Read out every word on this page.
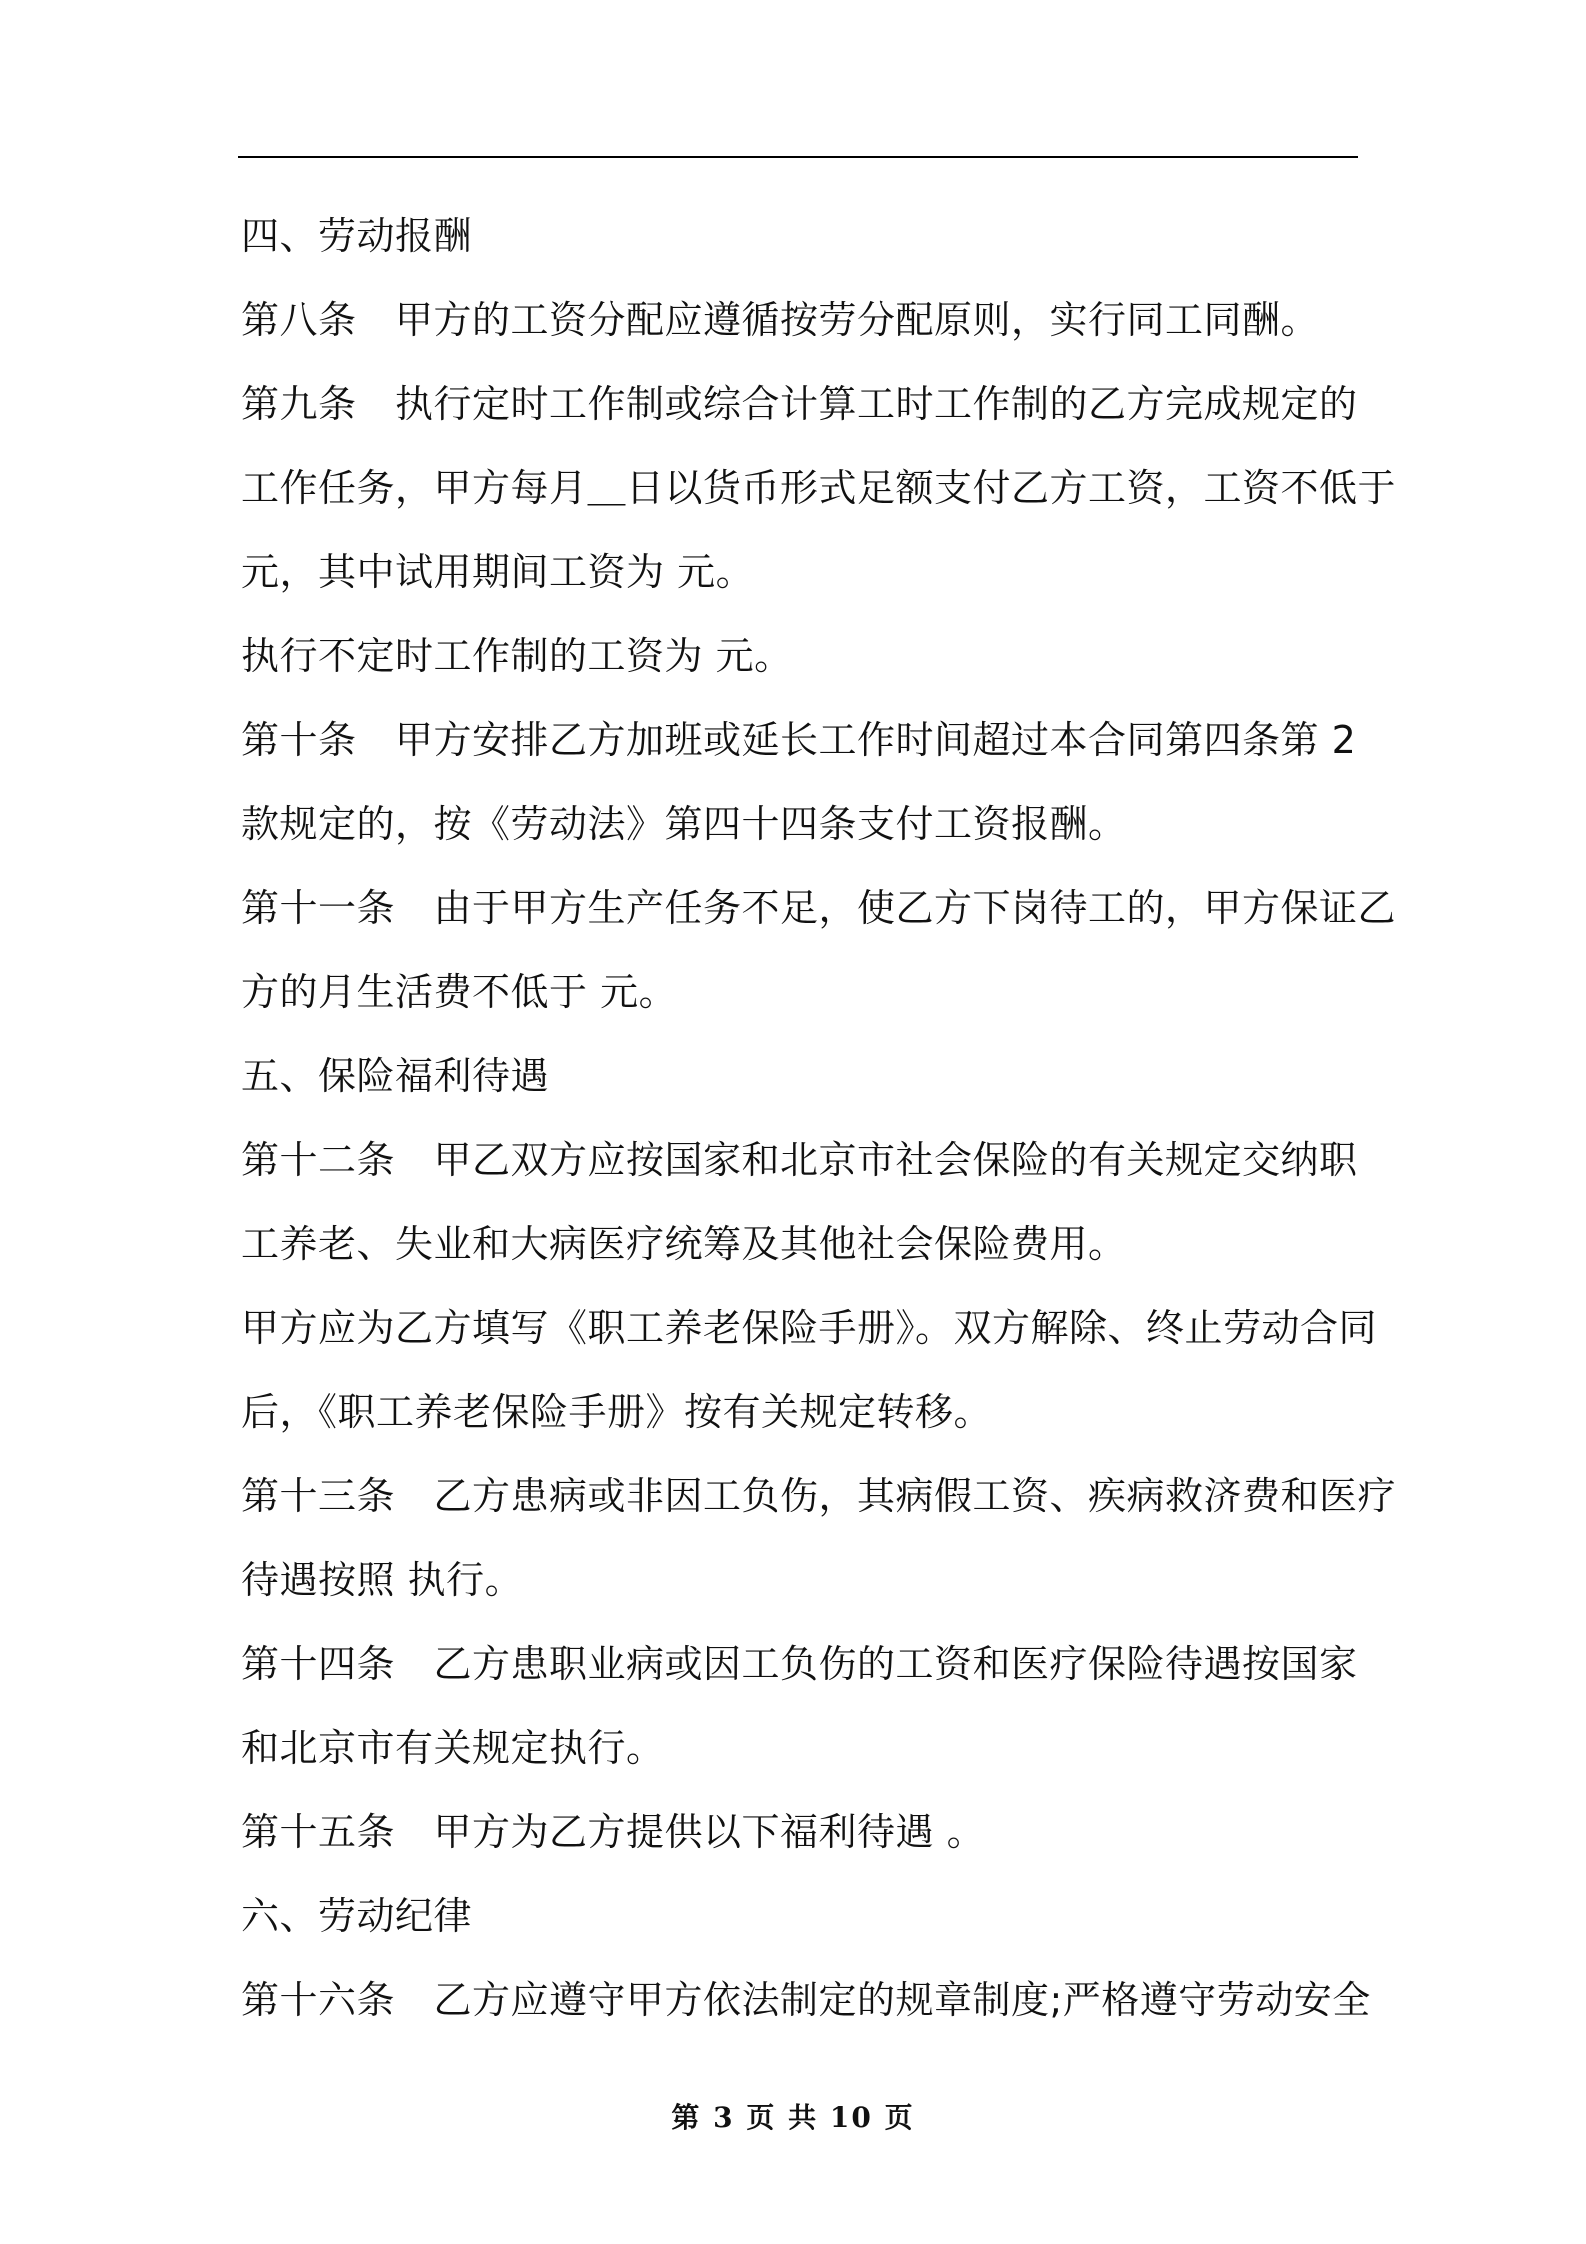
四、劳动报酬
第八条　甲方的工资分配应遵循按劳分配原则，实行同工同酬。
第九条　执行定时工作制或综合计算工时工作制的乙方完成规定的
工作任务，甲方每月＿日以货币形式足额支付乙方工资，工资不低于
元，其中试用期间工资为 元。
执行不定时工作制的工资为 元。
第十条　甲方安排乙方加班或延长工作时间超过本合同第四条第 2
款规定的，按《劳动法》第四十四条支付工资报酬。
第十一条　由于甲方生产任务不足，使乙方下岗待工的，甲方保证乙
方的月生活费不低于 元。
五、保险福利待遇
第十二条　甲乙双方应按国家和北京市社会保险的有关规定交纳职
工养老、失业和大病医疗统筹及其他社会保险费用。
甲方应为乙方填写《职工养老保险手册》。双方解除、终止劳动合同
后，《职工养老保险手册》按有关规定转移。
第十三条　乙方患病或非因工负伤，其病假工资、疾病救济费和医疗
待遇按照 执行。
第十四条　乙方患职业病或因工负伤的工资和医疗保险待遇按国家
和北京市有关规定执行。
第十五条　甲方为乙方提供以下福利待遇 。
六、劳动纪律
第十六条　乙方应遵守甲方依法制定的规章制度;严格遵守劳动安全
第 3 页 共 10 页
